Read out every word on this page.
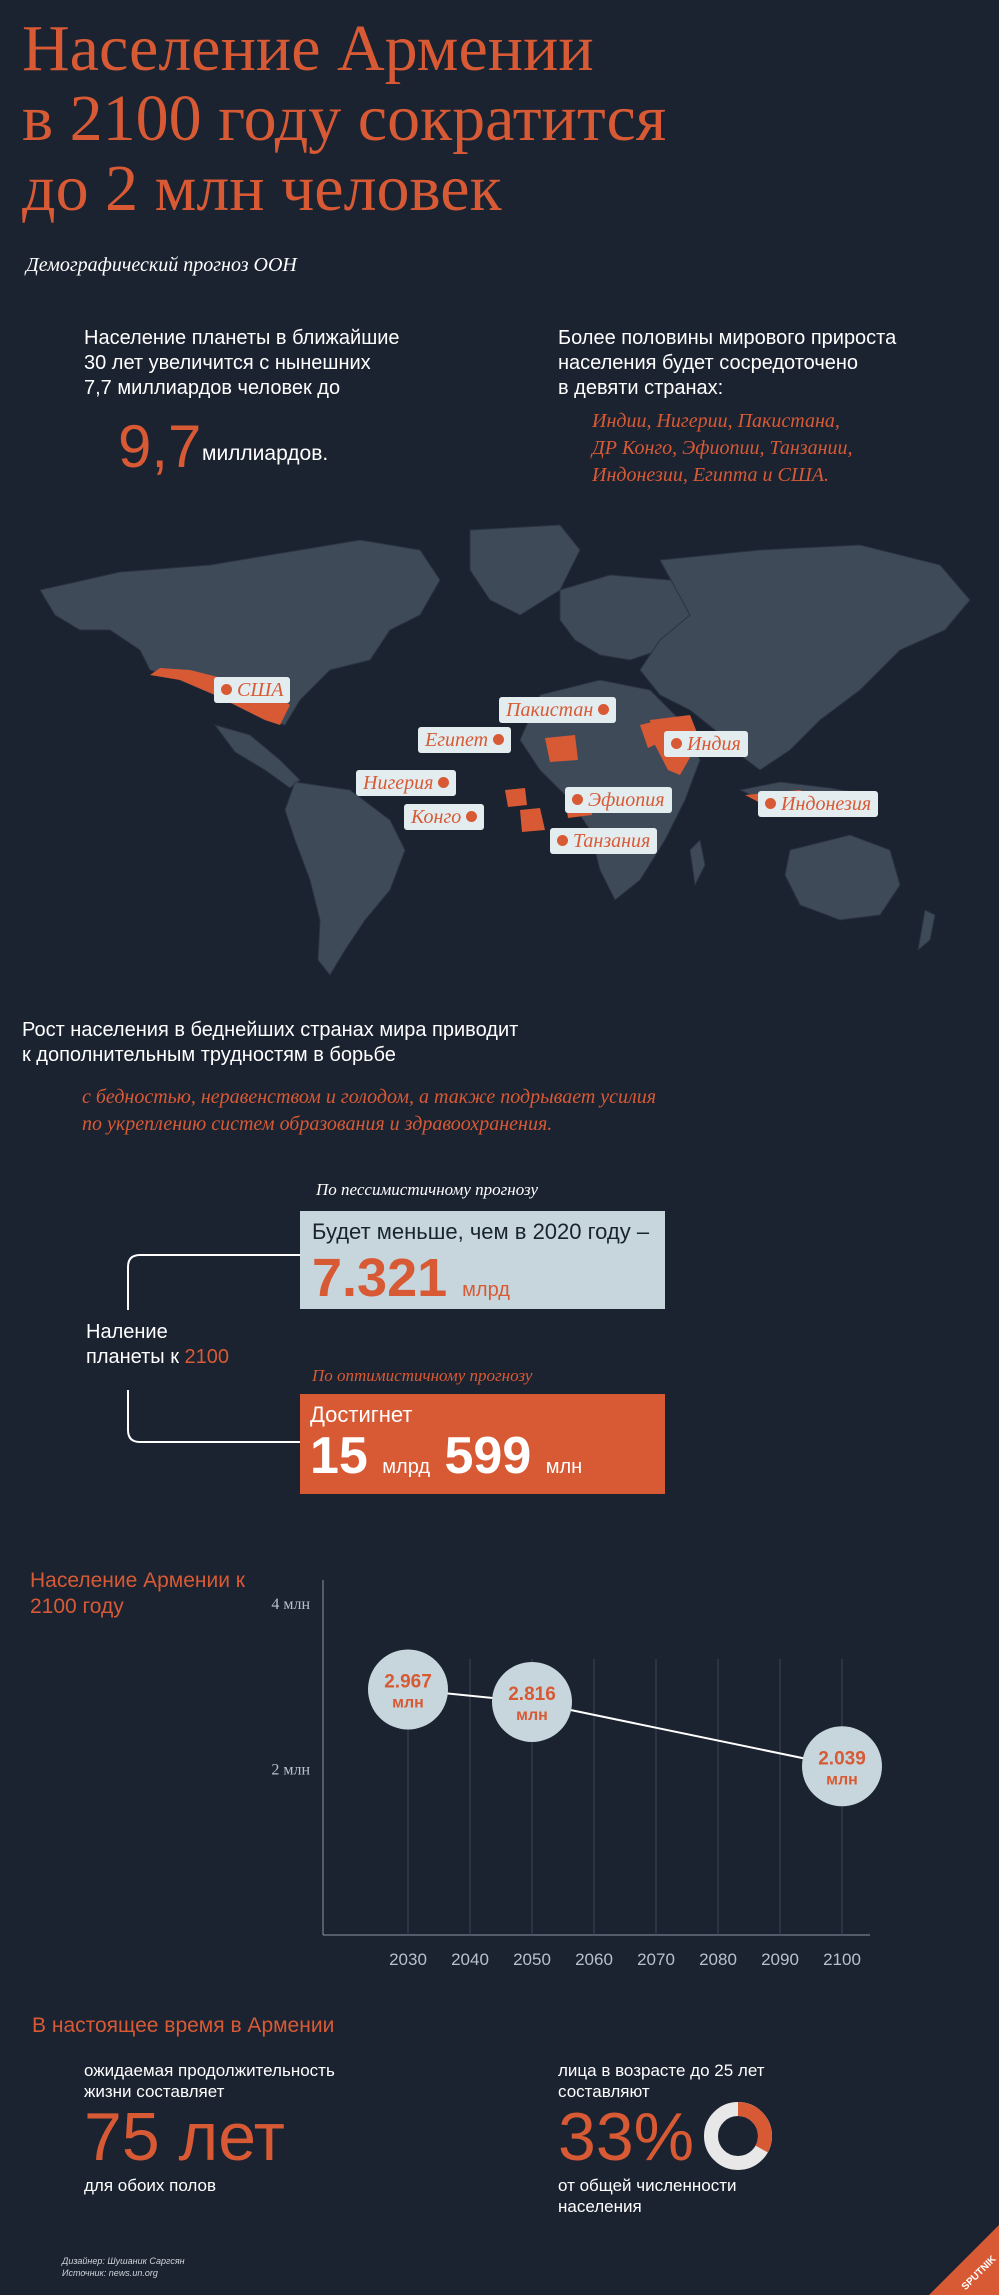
Население Армении
в 2100 году сократится
до 2 млн человек
Демографический прогноз ООН
Население планеты в ближайшие
30 лет увеличится с нынешних
7,7 миллиардов человек до
9,7 миллиардов.
Более половины мирового прироста
населения будет сосредоточено
в девяти странах:
Индии, Нигерии, Пакистана,
ДР Конго, Эфиопии, Танзании,
Индонезии, Египта и США.
США
Пакистан
Египет	Индия
Нигерия
Эфиопия	Индонезия
Конго
Танзания
Рост населения в беднейших странах мира приводит
к дополнительным трудностям в борьбе
с бедностью, неравенством и голодом, а также подрывает усилия
по укреплению систем образования и здравоохранения.
Наление
планеты к 2100
По пессимистичному прогнозу
Будет меньше, чем в 2020 году –
7.321 млрд
По оптимистичному прогнозу
Достигнет
15 млрд 599 млн
Население Армении к 2100 году
2 млн
4 млн
2030 2040 2050 2060 2070 2080 2090 2100
2.967
млн	2.816
млн
2.039
млн
В настоящее время в Армении
ожидаемая продолжительность
жизни составляет
75 лет
для обоих полов
лица в возрасте до 25 лет
составляют
33%
от общей численности
населения
Дизайнер: Шушаник Саргсян
Источник: news.un.org	SPUTNIK
